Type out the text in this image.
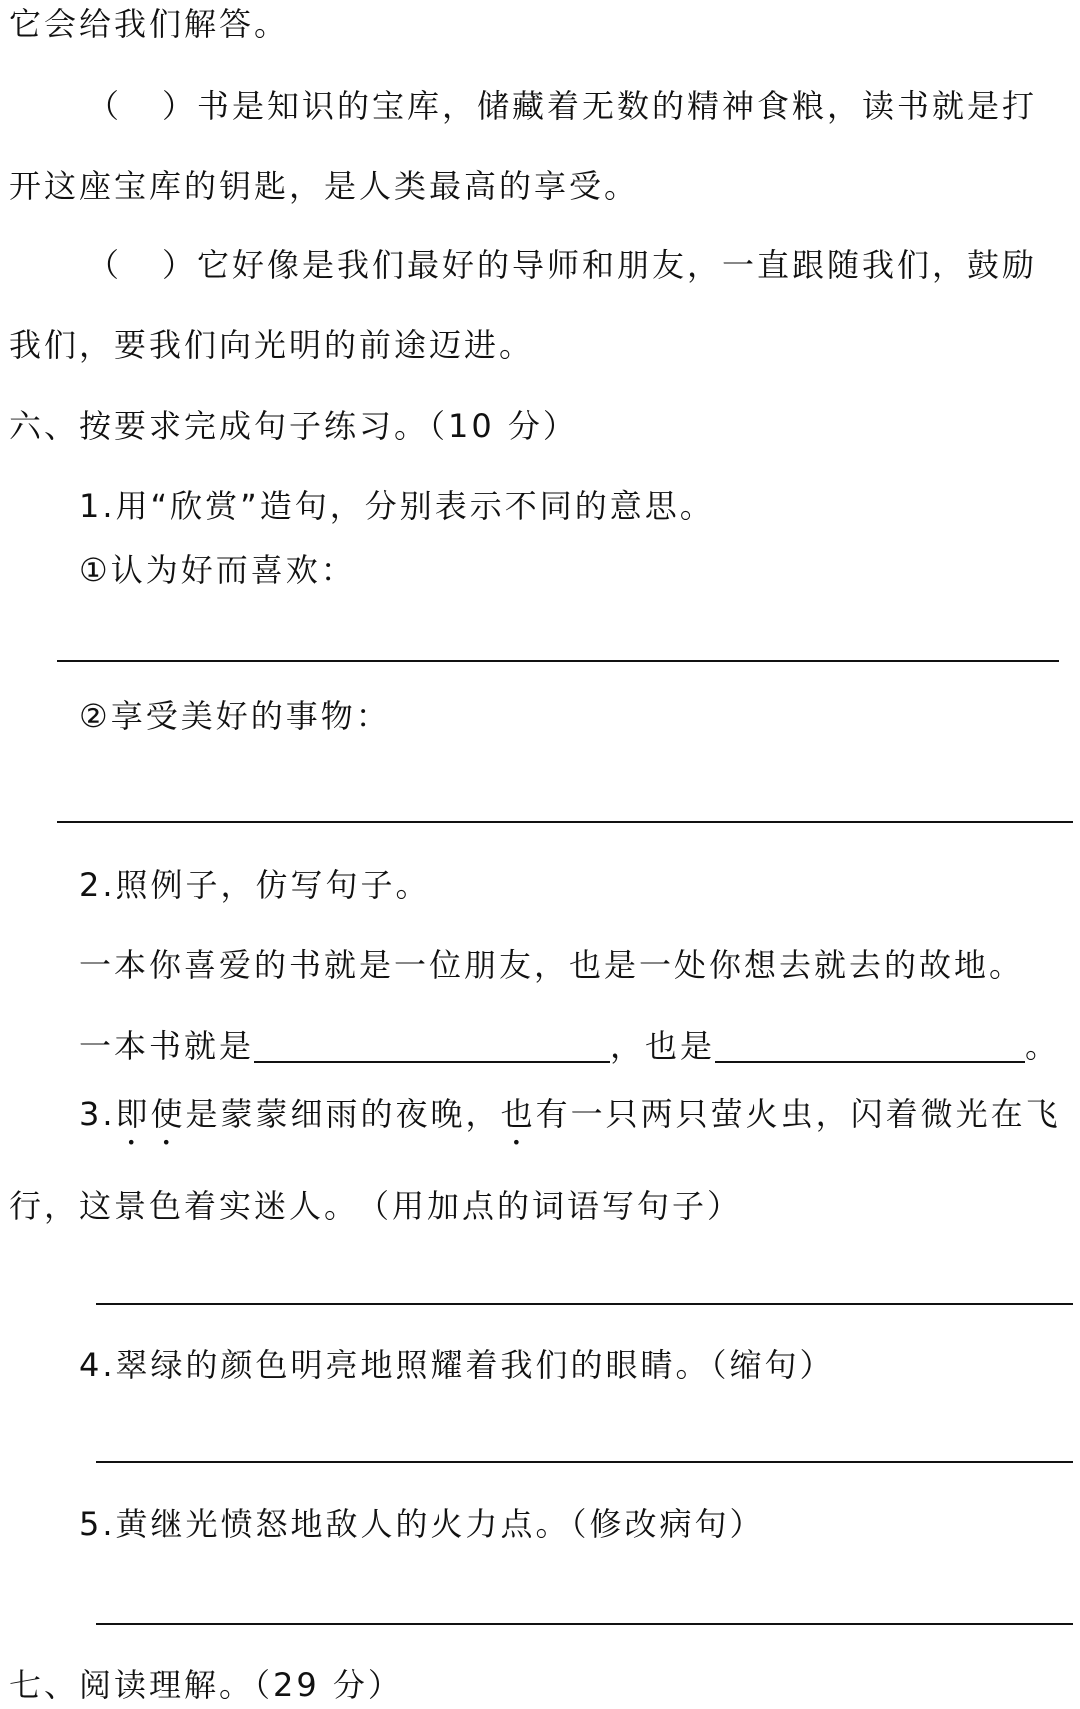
它会给我们解答。
（ ） 书是知识的宝库，储藏着无数的精神食粮，读书就是打
开这座宝库的钥匙，是人类最高的享受。
（ ） 它好像是我们最好的导师和朋友，一直跟随我们，鼓励
我们，要我们向光明的前途迈进。
六、按要求完成句子练习。（10 分）
1.用“欣赏”造句，分别表示不同的意思。
①认为好而喜欢：
②享受美好的事物：
2.照例子，仿写句子。
一本你喜爱的书就是一位朋友，也是一处你想去就去的故地。
一本书就是	，也是	。
3.即使是蒙蒙细雨的夜晚，也有一只两只萤火虫，闪着微光在飞
行，这景色着实迷人。 （用加点的词语写句子）
4.翠绿的颜色明亮地照耀着我们的眼睛。（缩句）
5.黄继光愤怒地敌人的火力点。（修改病句）
七、阅读理解。（29 分）
